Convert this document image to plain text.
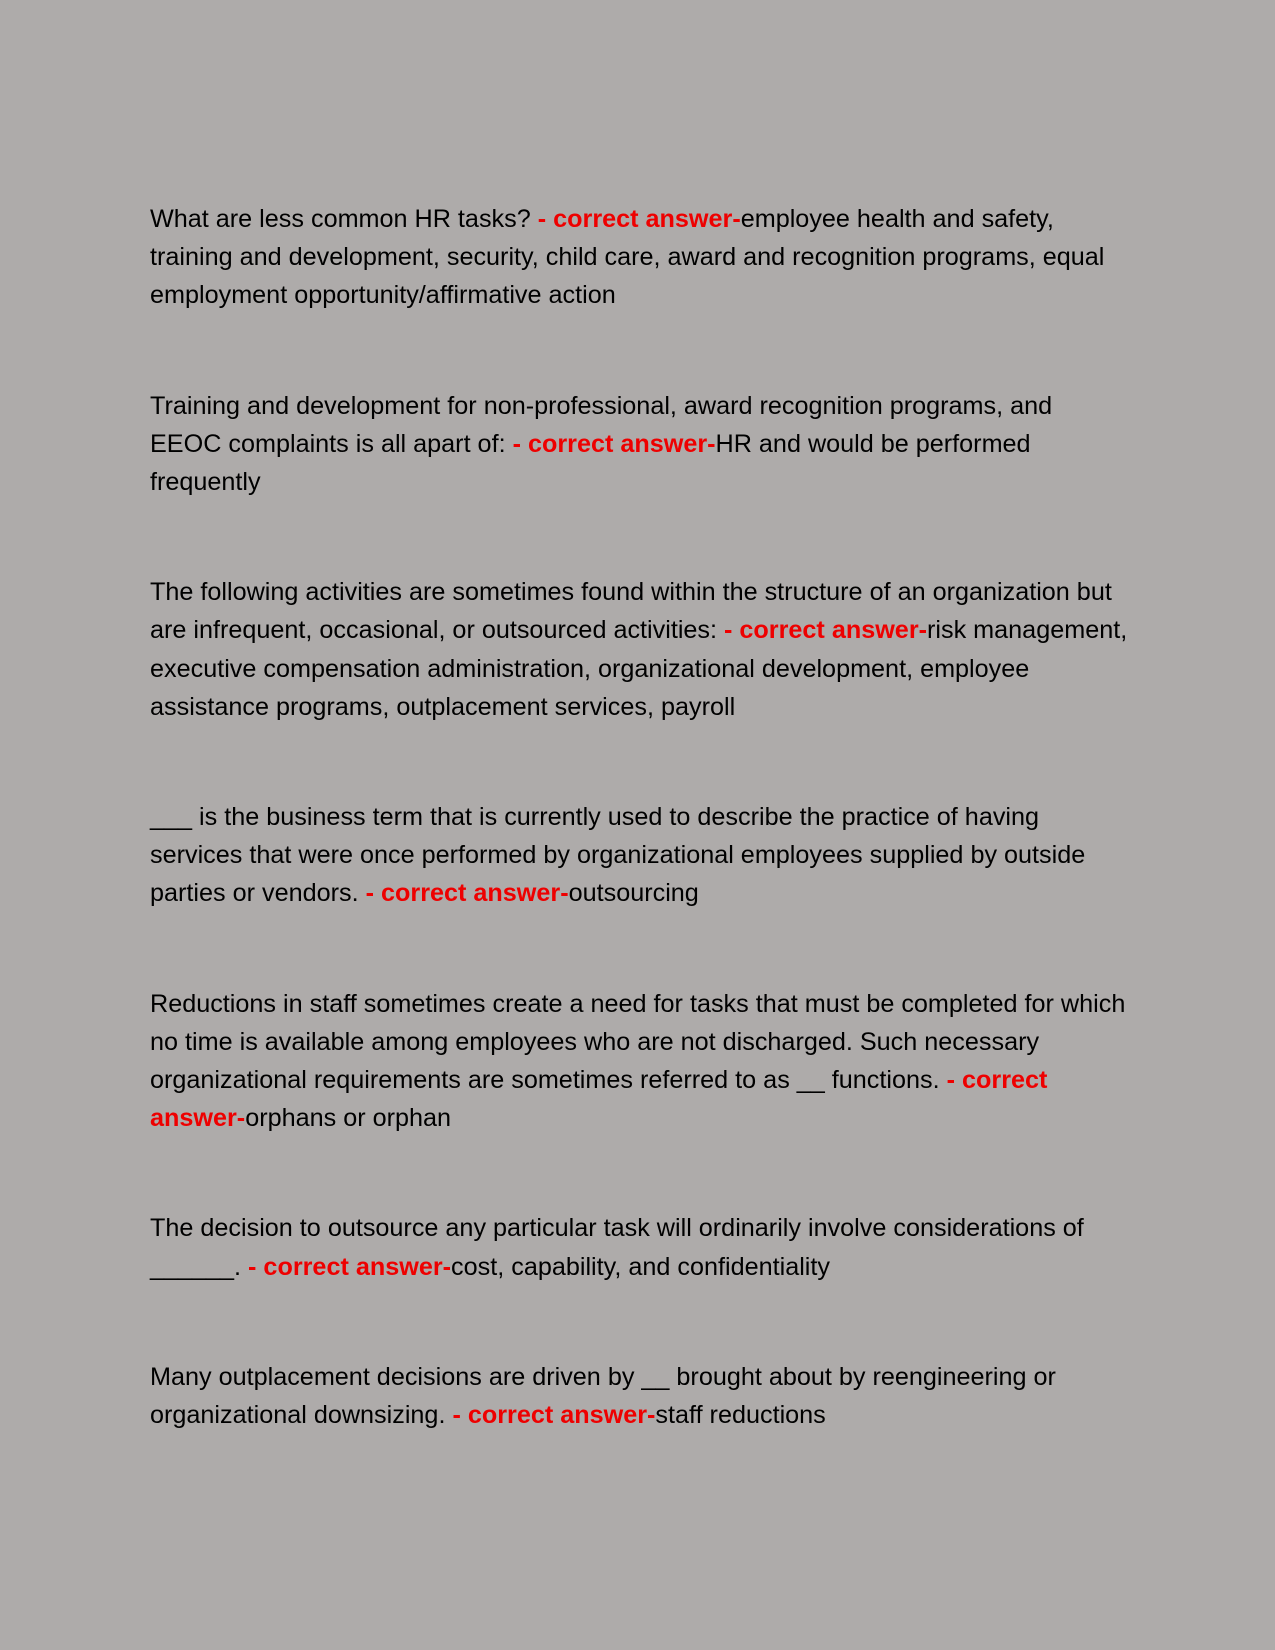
What are less common HR tasks? - correct answer-employee health and safety, training and development, security, child care, award and recognition programs, equal employment opportunity/affirmative action

Training and development for non-professional, award recognition programs, and EEOC complaints is all apart of: - correct answer-HR and would be performed frequently

The following activities are sometimes found within the structure of an organization but are infrequent, occasional, or outsourced activities: - correct answer-risk management, executive compensation administration, organizational development, employee assistance programs, outplacement services, payroll

___ is the business term that is currently used to describe the practice of having services that were once performed by organizational employees supplied by outside parties or vendors. - correct answer-outsourcing

Reductions in staff sometimes create a need for tasks that must be completed for which no time is available among employees who are not discharged. Such necessary organizational requirements are sometimes referred to as __ functions. - correct answer-orphans or orphan

The decision to outsource any particular task will ordinarily involve considerations of ______. - correct answer-cost, capability, and confidentiality

Many outplacement decisions are driven by __ brought about by reengineering or organizational downsizing. - correct answer-staff reductions
